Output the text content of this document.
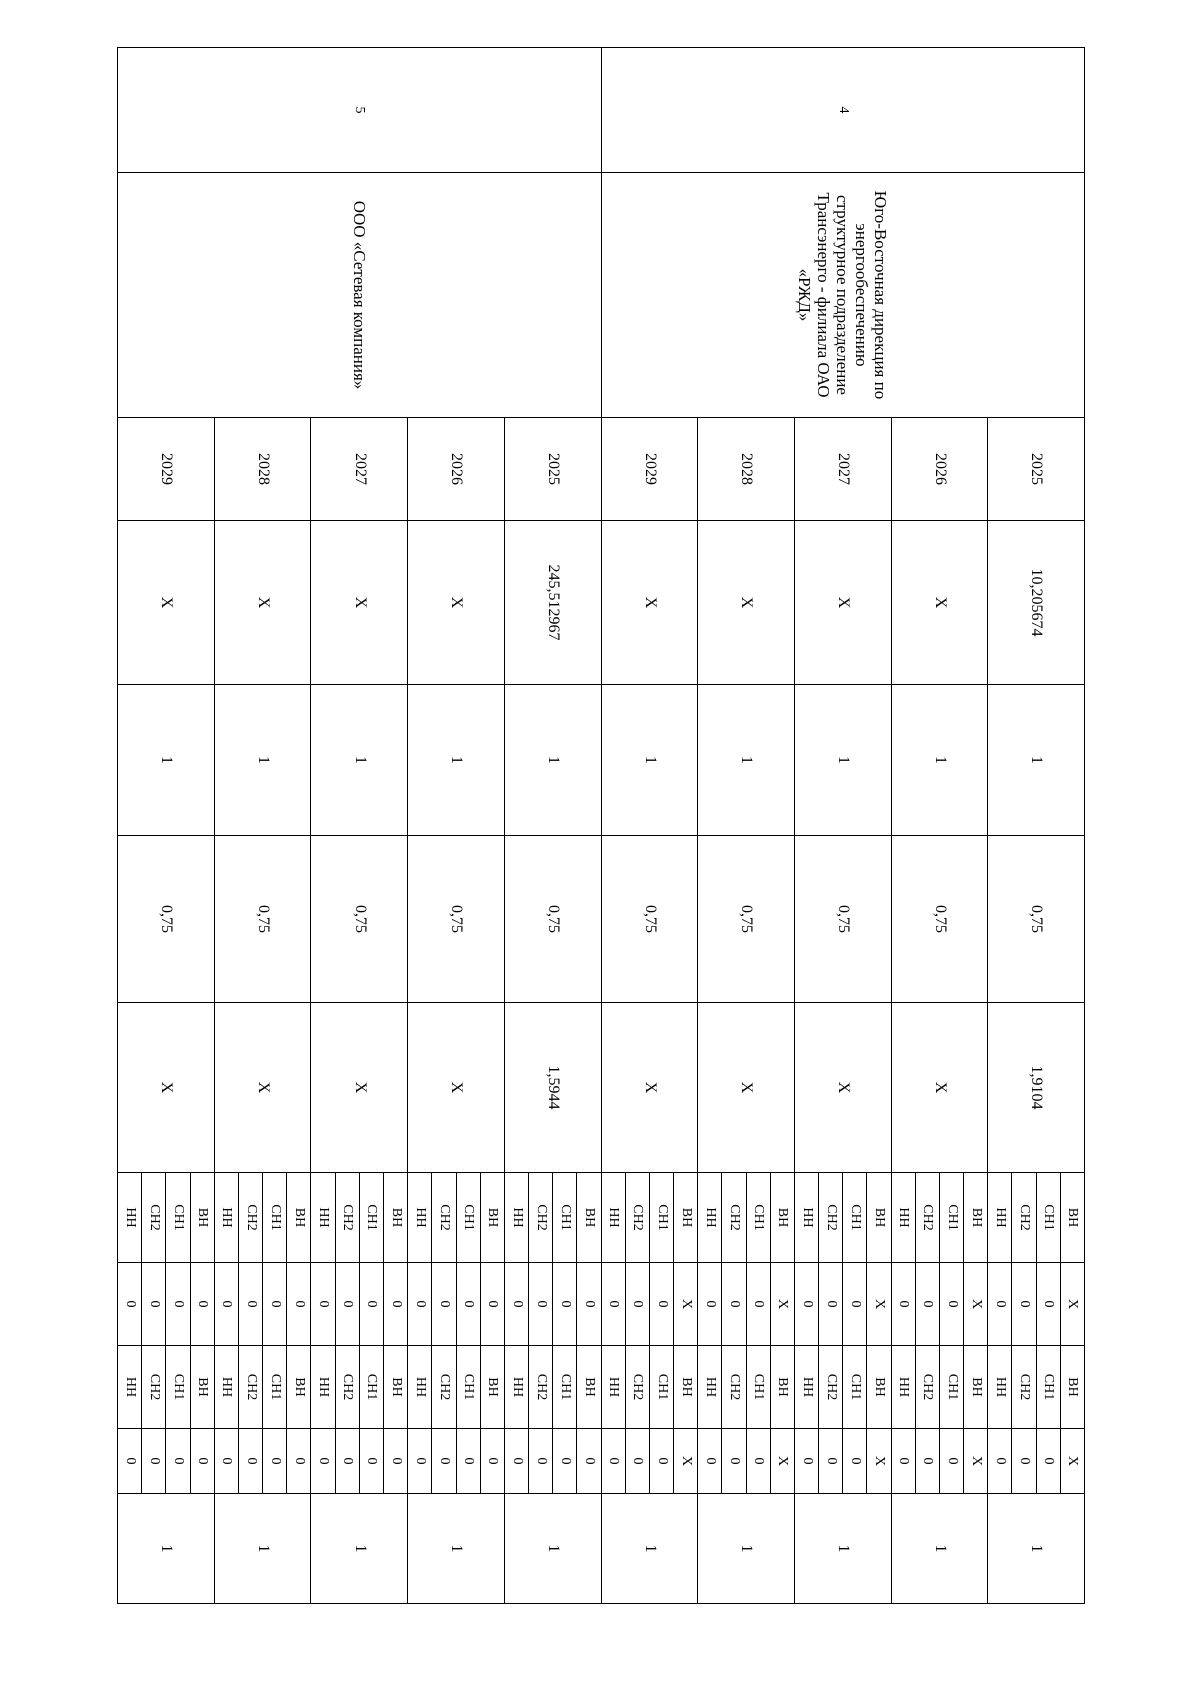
4	Юго-Восточная дирекция по энергообеспечению структурное подразделение Трансэнерго - филиала ОАО «РЖД»	2025	10,205674	1	0,75	1,9104	ВН	X	ВН	X	1
							СН1	0	СН1	0	
							СН2	0	СН2	0	
							НН	0	НН	0	
		2026	X	1	0,75	X	ВН	X	ВН	X	1
							СН1	0	СН1	0	
							СН2	0	СН2	0	
							НН	0	НН	0	
		2027	X	1	0,75	X	ВН	X	ВН	X	1
							СН1	0	СН1	0	
							СН2	0	СН2	0	
							НН	0	НН	0	
		2028	X	1	0,75	X	ВН	X	ВН	X	1
							СН1	0	СН1	0	
							СН2	0	СН2	0	
							НН	0	НН	0	
		2029	X	1	0,75	X	ВН	X	ВН	X	1
							СН1	0	СН1	0	
							СН2	0	СН2	0	
							НН	0	НН	0	
5	ООО «Сетевая компания»	2025	245,512967	1	0,75	1,5944	ВН	0	ВН	0	1
							СН1	0	СН1	0	
							СН2	0	СН2	0	
							НН	0	НН	0	
		2026	X	1	0,75	X	ВН	0	ВН	0	1
							СН1	0	СН1	0	
							СН2	0	СН2	0	
							НН	0	НН	0	
		2027	X	1	0,75	X	ВН	0	ВН	0	1
							СН1	0	СН1	0	
							СН2	0	СН2	0	
							НН	0	НН	0	
		2028	X	1	0,75	X	ВН	0	ВН	0	1
							СН1	0	СН1	0	
							СН2	0	СН2	0	
							НН	0	НН	0	
		2029	X	1	0,75	X	ВН	0	ВН	0	1
							СН1	0	СН1	0	
							СН2	0	СН2	0	
							НН	0	НН	0	
